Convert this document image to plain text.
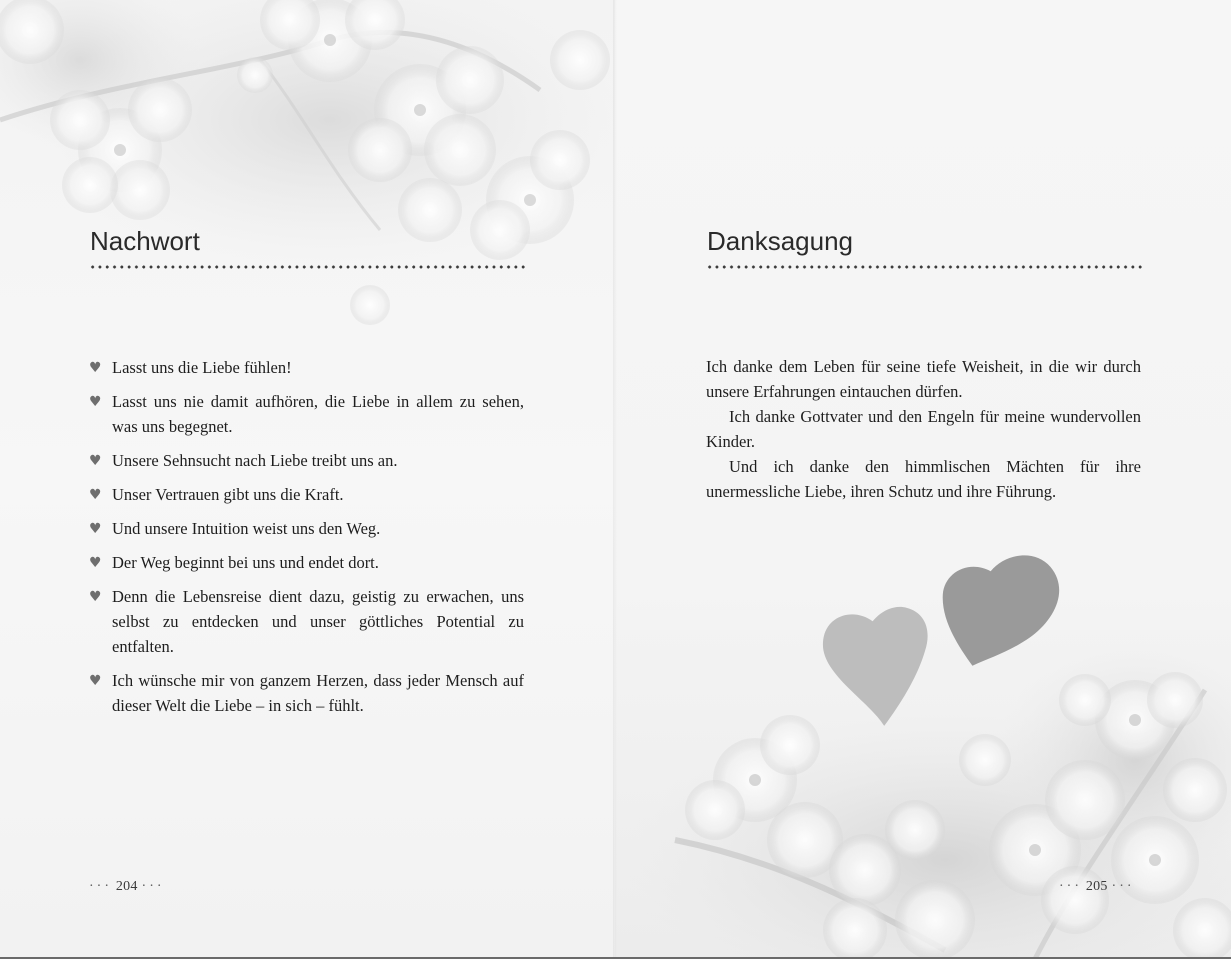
Nachwort
♥ Lasst uns die Liebe fühlen!
♥ Lasst uns nie damit aufhören, die Liebe in allem zu sehen, was uns begegnet.
♥ Unsere Sehnsucht nach Liebe treibt uns an.
♥ Unser Vertrauen gibt uns die Kraft.
♥ Und unsere Intuition weist uns den Weg.
♥ Der Weg beginnt bei uns und endet dort.
♥ Denn die Lebensreise dient dazu, geistig zu erwachen, uns selbst zu entdecken und unser göttliches Potential zu entfalten.
♥ Ich wünsche mir von ganzem Herzen, dass jeder Mensch auf dieser Welt die Liebe – in sich – fühlt.
··· 204 ···
Danksagung

Ich danke dem Leben für seine tiefe Weisheit, in die wir durch unsere Erfahrungen eintauchen dürfen.

Ich danke Gottvater und den Engeln für meine wundervollen Kinder.

Und ich danke den himmlischen Mächten für ihre unermessliche Liebe, ihren Schutz und ihre Führung.

··· 205 ···
